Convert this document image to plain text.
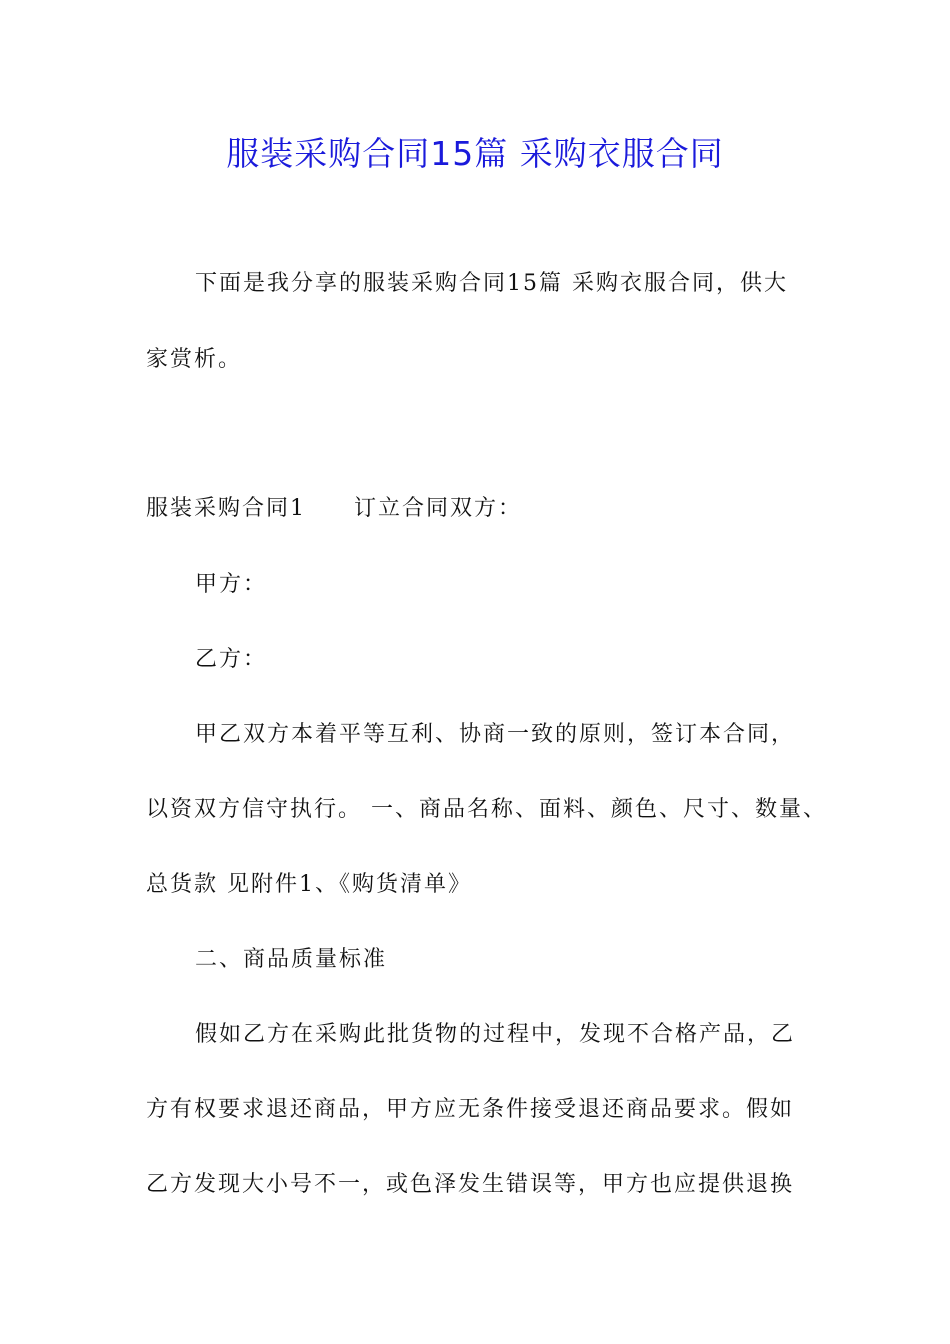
服装采购合同15篇 采购衣服合同
下面是我分享的服装采购合同15篇 采购衣服合同，供大
家赏析。
服装采购合同1　　订立合同双方：
甲方：
乙方：
甲乙双方本着平等互利、协商一致的原则，签订本合同，
以资双方信守执行。 一、商品名称、面料、颜色、尺寸、数量、
总货款 见附件1、《购货清单》
二、商品质量标准
假如乙方在采购此批货物的过程中，发现不合格产品，乙
方有权要求退还商品，甲方应无条件接受退还商品要求。假如
乙方发现大小号不一，或色泽发生错误等，甲方也应提供退换
